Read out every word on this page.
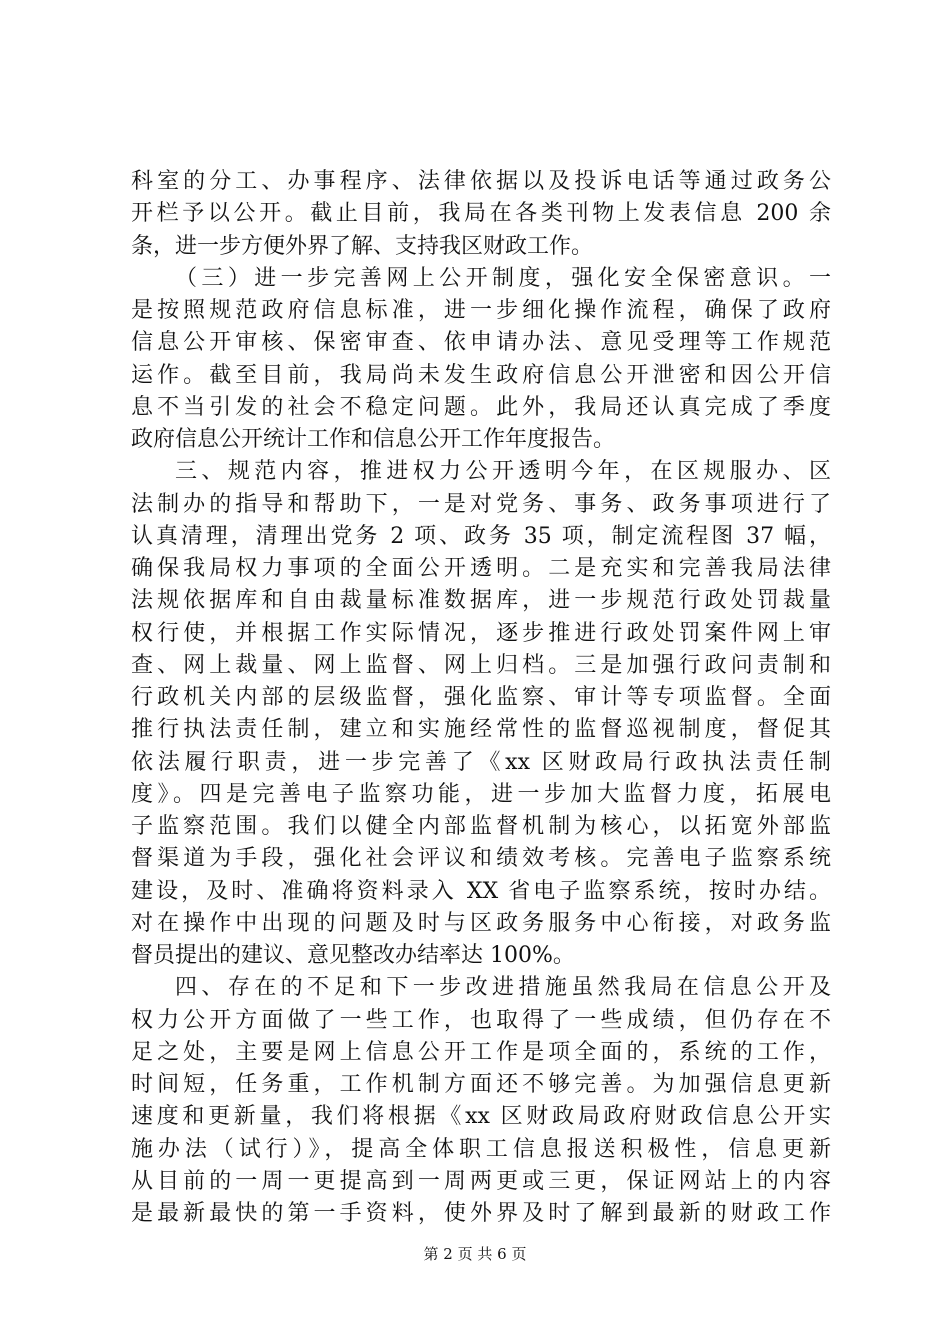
科室的分工、办事程序、法律依据以及投诉电话等通过政务公
开栏予以公开。截止目前，我局在各类刊物上发表信息 200 余
条，进一步方便外界了解、支持我区财政工作。
（三）进一步完善网上公开制度，强化安全保密意识。一
是按照规范政府信息标准，进一步细化操作流程，确保了政府
信息公开审核、保密审查、依申请办法、意见受理等工作规范
运作。截至目前，我局尚未发生政府信息公开泄密和因公开信
息不当引发的社会不稳定问题。此外，我局还认真完成了季度
政府信息公开统计工作和信息公开工作年度报告。
三、规范内容，推进权力公开透明今年，在区规服办、区
法制办的指导和帮助下，一是对党务、事务、政务事项进行了
认真清理，清理出党务 2 项、政务 35 项，制定流程图 37 幅，
确保我局权力事项的全面公开透明。二是充实和完善我局法律
法规依据库和自由裁量标准数据库，进一步规范行政处罚裁量
权行使，并根据工作实际情况，逐步推进行政处罚案件网上审
查、网上裁量、网上监督、网上归档。三是加强行政问责制和
行政机关内部的层级监督，强化监察、审计等专项监督。全面
推行执法责任制，建立和实施经常性的监督巡视制度，督促其
依法履行职责，进一步完善了《xx 区财政局行政执法责任制
度》。四是完善电子监察功能，进一步加大监督力度，拓展电
子监察范围。我们以健全内部监督机制为核心，以拓宽外部监
督渠道为手段，强化社会评议和绩效考核。完善电子监察系统
建设，及时、准确将资料录入 XX 省电子监察系统，按时办结。
对在操作中出现的问题及时与区政务服务中心衔接，对政务监
督员提出的建议、意见整改办结率达 100%。
四、存在的不足和下一步改进措施虽然我局在信息公开及
权力公开方面做了一些工作，也取得了一些成绩，但仍存在不
足之处，主要是网上信息公开工作是项全面的，系统的工作，
时间短，任务重，工作机制方面还不够完善。为加强信息更新
速度和更新量，我们将根据《xx 区财政局政府财政信息公开实
施办法（试行）》，提高全体职工信息报送积极性，信息更新
从目前的一周一更提高到一周两更或三更，保证网站上的内容
是最新最快的第一手资料，使外界及时了解到最新的财政工作
第 2 页 共 6 页
